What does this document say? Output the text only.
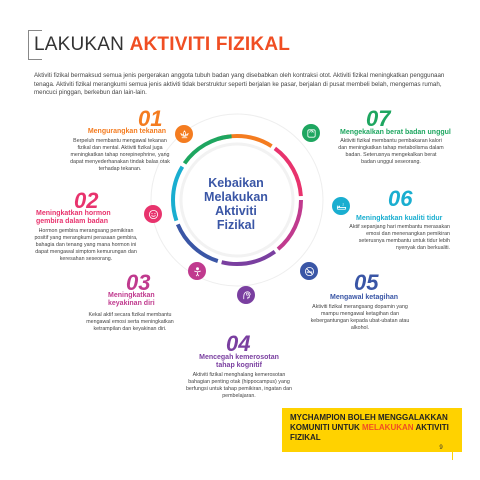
LAKUKAN AKTIVITI FIZIKAL

Aktiviti fizikal bermaksud semua jenis pergerakan anggota tubuh badan yang disebabkan oleh kontraksi otot. Aktiviti fizikal meningkatkan penggunaan tenaga. Aktiviti fizikal merangkumi semua jenis aktiviti tidak berstruktur seperti berjalan ke pasar, berjalan di pusat membeli belah, mengemas rumah, mencuci pinggan, berkebun dan lain-lain.

Kebaikan Melakukan Aktiviti Fizikal
z
01
Mengurangkan tekanan
Berpeluh membantu mengawal tekanan fizikal dan mental. Aktiviti fizikal juga meningkatkan tahap norepinephrine, yang dapat menyederhanakan tindak balas otak terhadap tekanan.
02
Meningkatkan hormon gembira dalam badan
Hormon gembira merangsang pemikiran positif yang merangkumi perasaan gembira, bahagia dan tenang yang mana hormon ini dapat mengawal simptom kemurungan dan keresahan seseorang.
03
Meningkatkan keyakinan diri
Kekal aktif secara fizikal membantu mengawal emosi serta meningkatkan ketrampilan dan keyakinan diri.
04
Mencegah kemerosotan tahap kognitif
Aktiviti fizikal menghalang kemerosotan bahagian penting otak (hippocampus) yang berfungsi untuk tahap pemikiran, ingatan dan pembelajaran.
05
Mengawal ketagihan
Aktiviti fizikal merangsang dopamin yang mampu mengawal ketagihan dan kebergantungan kepada ubat-ubatan atau alkohol.
06
Meningkatkan kualiti tidur
Aktif sepanjang hari membantu merasakan emosi dan menenangkan pemikiran seterusnya membantu untuk tidur lebih nyenyak dan berkualiti.
07
Mengekalkan berat badan unggul
Aktiviti fizikal membantu pembakaran kalori dan meningkatkan tahap metabolisma dalam badan. Seterusnya mengekalkan berat badan unggul seseorang.
MYCHAMPION BOLEH MENGGALAKKAN KOMUNITI UNTUK MELAKUKAN AKTIVITI FIZIKAL
9
